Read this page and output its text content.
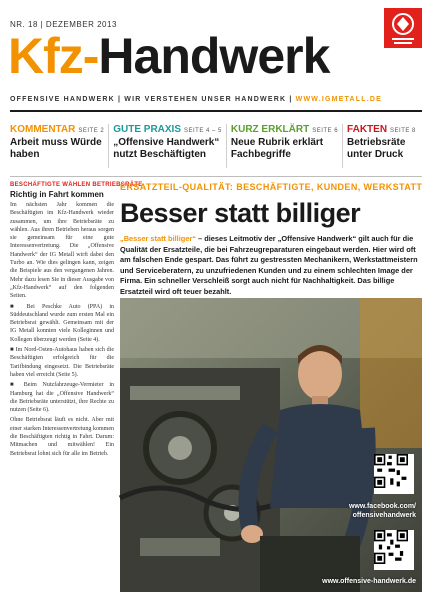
NR. 18 | DEZEMBER 2013
Kfz-Handwerk
OFFENSIVE HANDWERK | WIR VERSTEHEN UNSER HANDWERK | WWW.IGMETALL.DE
KOMMENTAR SEITE 2
Arbeit muss Würde haben
GUTE PRAXIS SEITE 4 – 5
„Offensive Handwerk“ nutzt Beschäftigten
KURZ ERKLÄRT SEITE 6
Neue Rubrik erklärt Fachbegriffe
FAKTEN SEITE 8
Betriebsräte unter Druck
BESCHÄFTIGTE WÄHLEN BETRIEBSRÄTE
Richtig in Fahrt kommen

Im nächsten Jahr kommen die Beschäftigten im Kfz-Handwerk wieder zusammen, um ihre Betriebsräte zu wählen. Aus ihren Betrieben heraus sorgen sie gemeinsam für eine gute Interessenvertretung. Die „Offensive Handwerk“ der IG Metall wirft dabei den Turbo an. Wie dies gelingen kann, zeigen die Beispiele aus den vergangenen Jahren. Mehr dazu lesen Sie in dieser Ausgabe von „Kfz-Handwerk“ auf den folgenden Seiten.

■ Bei Peschke Auto (PPA) in Süddeutschland wurde zum ersten Mal ein Betriebsrat gewählt. Gemeinsam mit der IG Metall konnten viele Kolleginnen und Kollegen überzeugt werden (Seite 4).

■ Im Nord-Osten-Autohaus haben sich die Beschäftigten erfolgreich für die Tarifbindung eingesetzt. Die Betriebsräte haben viel erreicht (Seite 5).

■ Beim Nutzfahrzeuge-Vermieter in Hamburg hat die „Offensive Handwerk“ die Betriebsräte unterstützt, ihre Rechte zu nutzen (Seite 6).

Ohne Betriebsrat läuft es nicht. Aber mit einer starken Interessenvertretung kommen die Beschäftigten richtig in Fahrt. Darum: Mitmachen und mitwählen! Ein Betriebsrat lohnt sich für alle im Betrieb.

ERSATZTEIL-QUALITÄT: BESCHÄFTIGTE, KUNDEN, WERKSTATT
Besser statt billiger

„Besser statt billiger“ – dieses Leitmotiv der „Offensive Handwerk“ gilt auch für die Qualität der Ersatzteile, die bei Fahrzeugreparaturen eingebaut werden. Hier wird oft am falschen Ende gespart. Das führt zu gestressten Mechanikern, Werkstattmeistern und Serviceberatern, zu unzufriedenen Kunden und zu einem schlechten Image der Firma. Ein schneller Verschleiß sorgt auch nicht für Nachhaltigkeit. Das billige Ersatzteil wird oft teuer bezahlt.

www.facebook.com/
offensivehandwerk
www.offensive-handwerk.de
